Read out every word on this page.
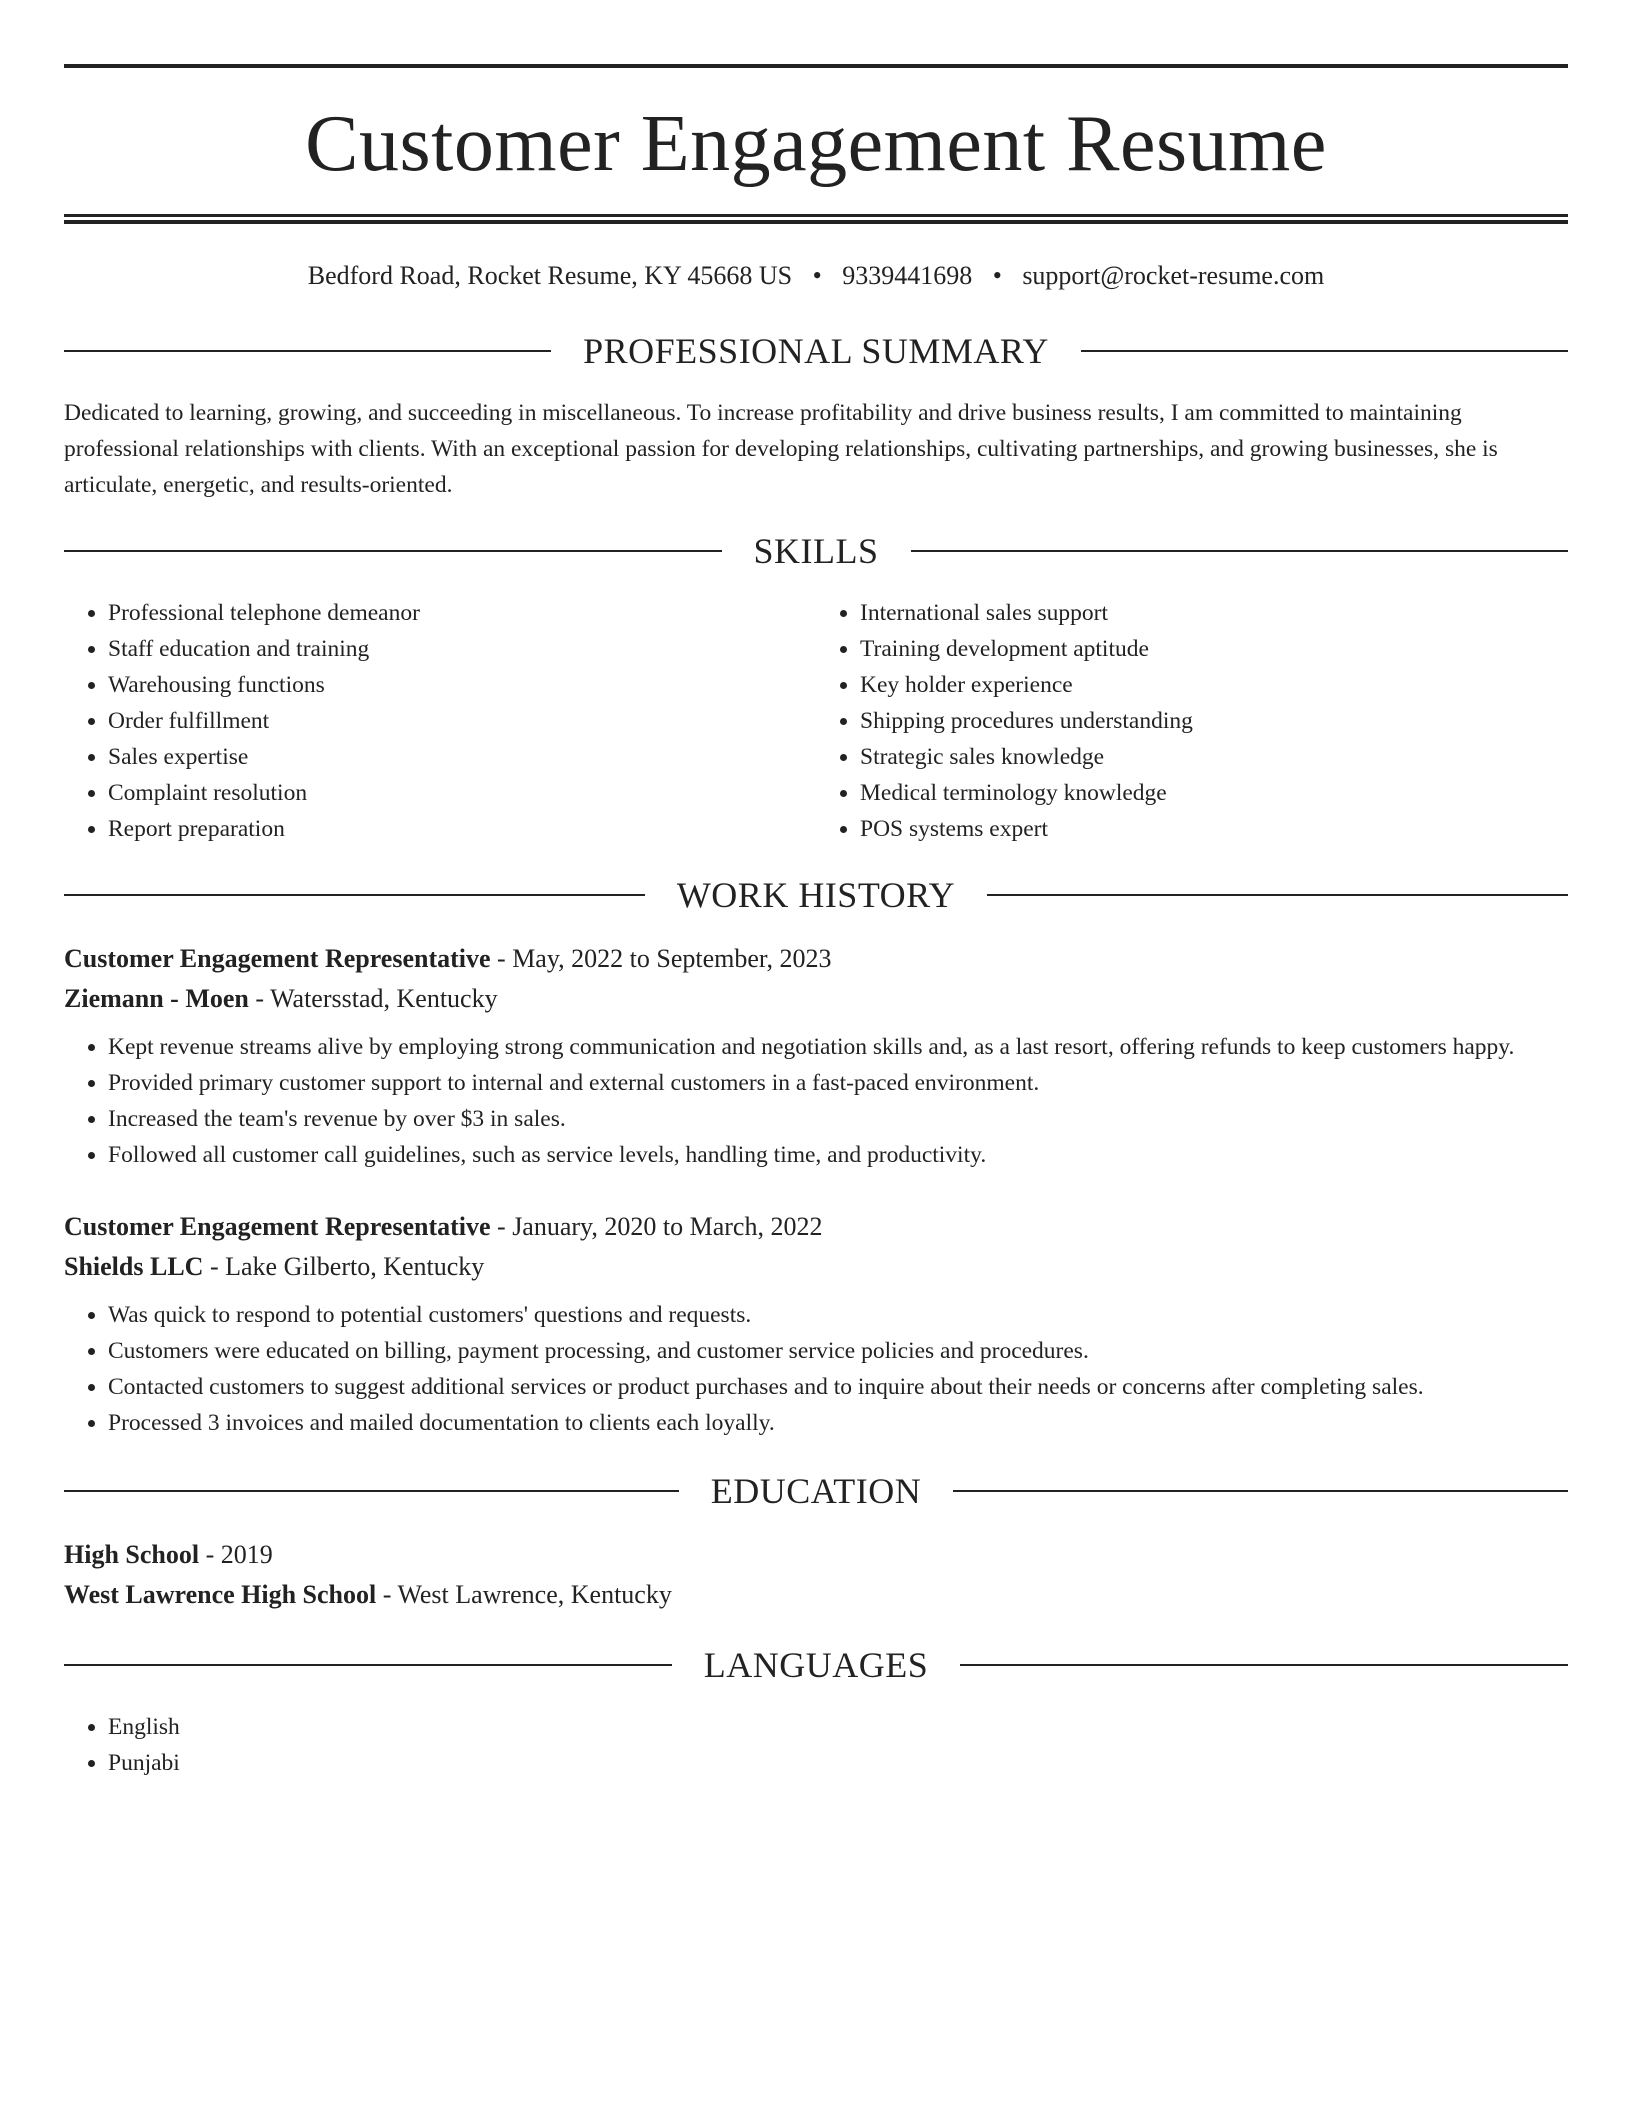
Customer Engagement Resume
Bedford Road, Rocket Resume, KY 45668 US • 9339441698 • support@rocket-resume.com
PROFESSIONAL SUMMARY

Dedicated to learning, growing, and succeeding in miscellaneous. To increase profitability and drive business results, I am committed to maintaining professional relationships with clients. With an exceptional passion for developing relationships, cultivating partnerships, and growing businesses, she is articulate, energetic, and results-oriented.

SKILLS
• Professional telephone demeanor
• Staff education and training
• Warehousing functions
• Order fulfillment
• Sales expertise
• Complaint resolution
• Report preparation
• International sales support
• Training development aptitude
• Key holder experience
• Shipping procedures understanding
• Strategic sales knowledge
• Medical terminology knowledge
• POS systems expert
WORK HISTORY

Customer Engagement Representative - May, 2022 to September, 2023

Ziemann - Moen - Watersstad, Kentucky

• Kept revenue streams alive by employing strong communication and negotiation skills and, as a last resort, offering refunds to keep customers happy.
• Provided primary customer support to internal and external customers in a fast-paced environment.
• Increased the team's revenue by over $3 in sales.
• Followed all customer call guidelines, such as service levels, handling time, and productivity.

Customer Engagement Representative - January, 2020 to March, 2022

Shields LLC - Lake Gilberto, Kentucky

• Was quick to respond to potential customers' questions and requests.
• Customers were educated on billing, payment processing, and customer service policies and procedures.
• Contacted customers to suggest additional services or product purchases and to inquire about their needs or concerns after completing sales.
• Processed 3 invoices and mailed documentation to clients each loyally.
EDUCATION

High School - 2019

West Lawrence High School - West Lawrence, Kentucky

LANGUAGES
• English
• Punjabi
